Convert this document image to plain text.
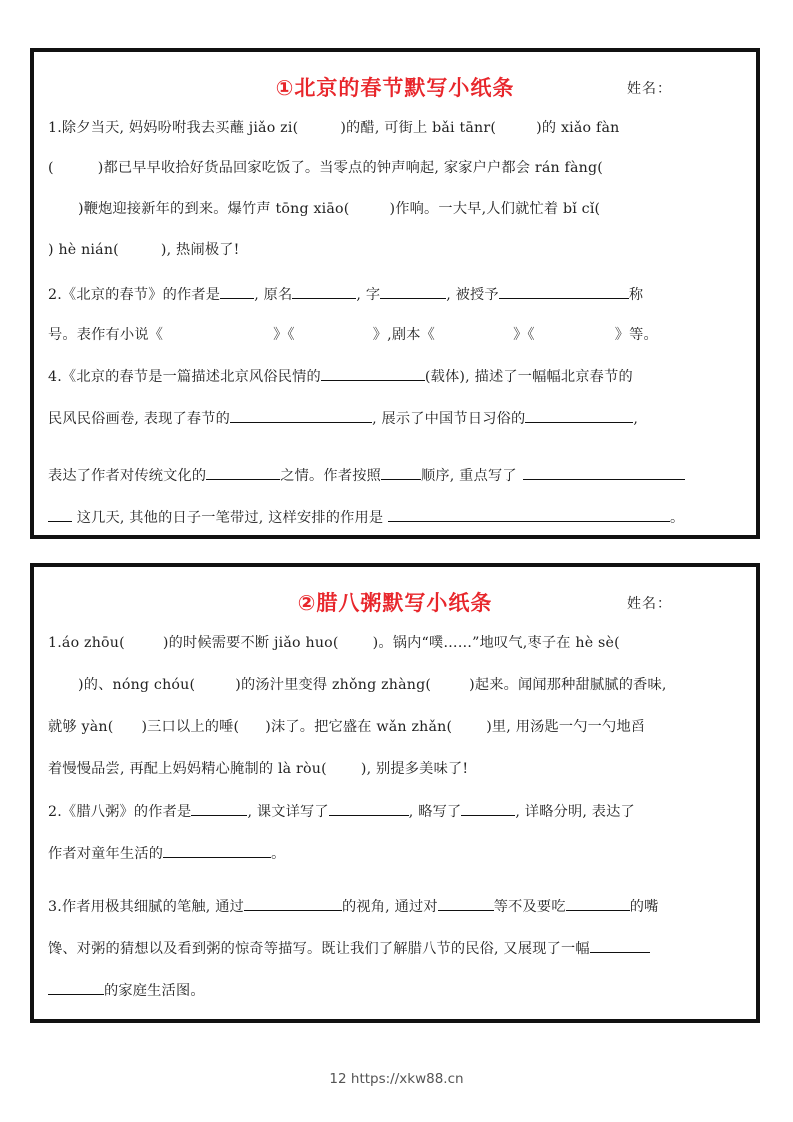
①北京的春节默写小纸条	姓名：
1.除夕当天, 妈妈吩咐我去买蘸 jiǎo zi(	)的醋, 可街上 bǎi tānr(	)的 xiǎo fàn
(	)都已早早收拾好货品回家吃饭了。当零点的钟声响起, 家家户户都会 rán fàng(
)鞭炮迎接新年的到来。爆竹声 tōng xiāo(	)作响。一大早,人们就忙着 bǐ cǐ(
) hè nián(	), 热闹极了!
2.《北京的春节》的作者是 , 原名	, 字	, 被授予	称
号。表作有小说《	》《	》,剧本《	》《	》等。
4.《北京的春节是一篇描述北京风俗民情的	(载体), 描述了一幅幅北京春节的
民风民俗画卷, 表现了春节的	, 展示了中国节日习俗的	,
表达了作者对传统文化的	之情。作者按照	顺序, 重点写了
这几天, 其他的日子一笔带过, 这样安排的作用是	。
②腊八粥默写小纸条	姓名：
1.áo zhōu(	)的时候需要不断 jiǎo huo( )。锅内“噗……”地叹气,枣子在 hè sè(
)的、nóng chóu(	)的汤汁里变得 zhǒng zhàng(	)起来。闻闻那种甜腻腻的香味,
就够 yàn( )三口以上的唾( )沫了。把它盛在 wǎn zhǎn( )里, 用汤匙一勺一勺地舀
着慢慢品尝, 再配上妈妈精心腌制的 là ròu( ), 别提多美味了!
2.《腊八粥》的作者是	, 课文详写了	, 略写了	, 详略分明, 表达了
作者对童年生活的	。
3.作者用极其细腻的笔触, 通过	的视角, 通过对	等不及要吃	的嘴
馋、对粥的猜想以及看到粥的惊奇等描写。既让我们了解腊八节的民俗, 又展现了一幅
的家庭生活图。
12 https://xkw88.cn
